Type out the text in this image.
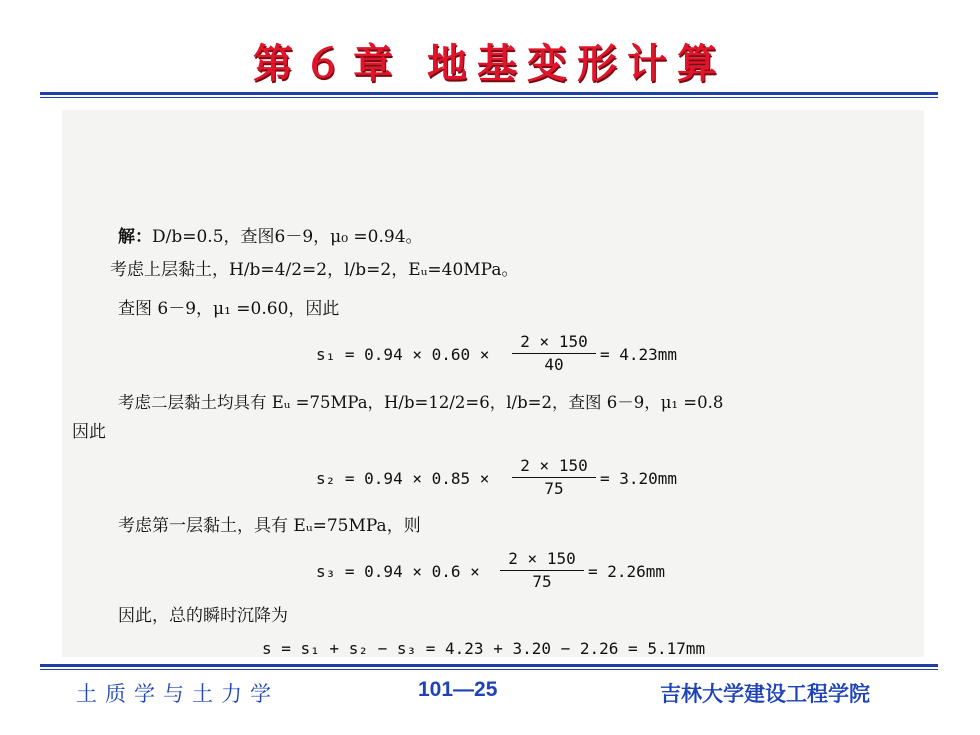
第６章 地基变形计算
解：D/b=0.5，查图6－9，μ₀ =0.94。
考虑上层黏土，H/b=4/2=2，l/b=2，Eᵤ=40MPa。
查图 6－9，μ₁ =0.60，因此
$s_1 = 0.94 \times 0.60 \times \frac{2 \times 150}{40} = 4.23mm$
考虑二层黏土均具有 Eᵤ =75MPa，H/b=12/2=6，l/b=2，查图 6－9，μ₁ =0.8
因此
$s_2 = 0.94 \times 0.85 \times \frac{2 \times 150}{75} = 3.20mm$
考虑第一层黏土，具有 Eᵤ=75MPa，则
$s_3 = 0.94 \times 0.6 \times \frac{2 \times 150}{75} = 2.26mm$
因此，总的瞬时沉降为
s = s₁ + s₂ − s₃ = 4.23 + 3.20 − 2.26 = 5.17mm
土质学与土力学	101—25	吉林大学建设工程学院
